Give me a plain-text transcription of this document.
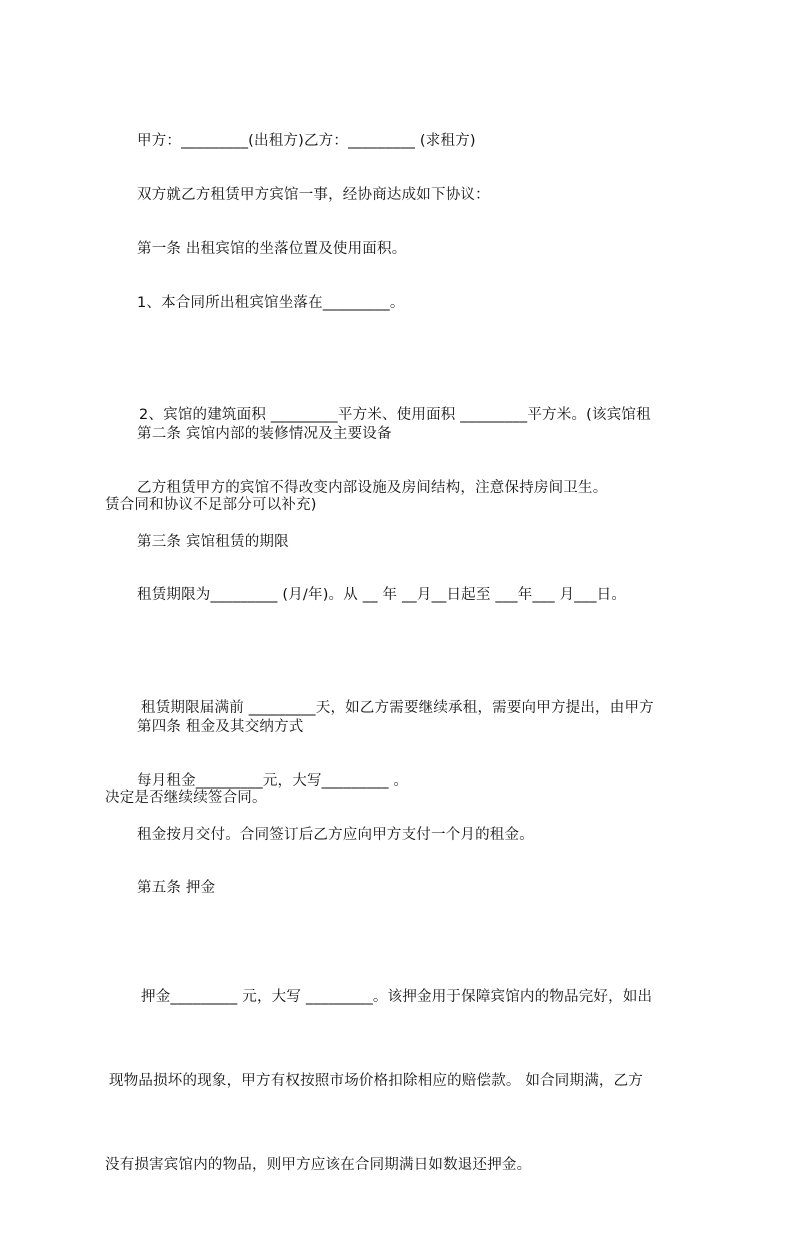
甲方：_________(出租方)乙方：_________ (求租方)
双方就乙方租赁甲方宾馆一事，经协商达成如下协议：
第一条 出租宾馆的坐落位置及使用面积。
1、本合同所出租宾馆坐落在_________。

2、宾馆的建筑面积 _________平方米、使用面积 _________平方米。(该宾馆租

赁合同和协议不足部分可以补充)

第二条 宾馆内部的装修情况及主要设备
乙方租赁甲方的宾馆不得改变内部设施及房间结构，注意保持房间卫生。
第三条 宾馆租赁的期限
租赁期限为_________ (月/年)。从 __ 年 __月__日起至 ___年___ 月___日。

租赁期限届满前 _________天，如乙方需要继续承租，需要向甲方提出，由甲方

决定是否继续续签合同。

第四条 租金及其交纳方式
每月租金_________元，大写_________ 。
租金按月交付。合同签订后乙方应向甲方支付一个月的租金。
第五条 押金

押金_________ 元，大写 _________。该押金用于保障宾馆内的物品完好，如出

现物品损坏的现象，甲方有权按照市场价格扣除相应的赔偿款。 如合同期满，乙方

没有损害宾馆内的物品，则甲方应该在合同期满日如数退还押金。
